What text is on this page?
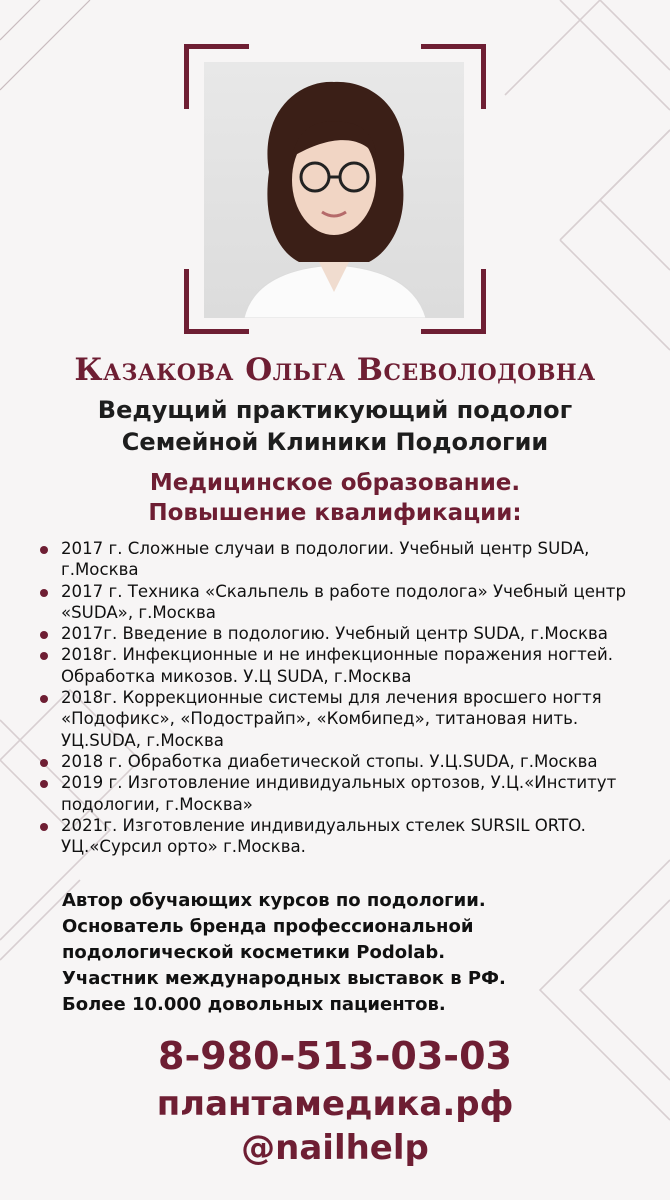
Казакова Ольга Всеволодовна
Ведущий практикующий подолог
Семейной Клиники Подологии
Медицинское образование.
Повышение квалификации:
2017 г. Сложные случаи в подологии. Учебный центр SUDA, г.Москва
2017 г. Техника «Скальпель в работе подолога» Учебный центр «SUDA», г.Москва
2017г. Введение в подологию. Учебный центр SUDA, г.Москва
2018г. Инфекционные и не инфекционные поражения ногтей. Обработка микозов. У.Ц SUDA, г.Москва
2018г. Коррекционные системы для лечения вросшего ногтя «Подофикс», «Подострайп», «Комбипед», титановая нить. УЦ.SUDA, г.Москва
2018 г. Обработка диабетической стопы. У.Ц.SUDA, г.Москва
2019 г. Изготовление индивидуальных ортозов, У.Ц.«Институт подологии, г.Москва»
2021г. Изготовление индивидуальных стелек SURSIL ORTO. УЦ.«Сурсил орто» г.Москва.
Автор обучающих курсов по подологии.
Основатель бренда профессиональной
подологической косметики Podolab.
Участник международных выставок в РФ.
Более 10.000 довольных пациентов.
8-980-513-03-03
плантамедика.рф
@nailhelp
